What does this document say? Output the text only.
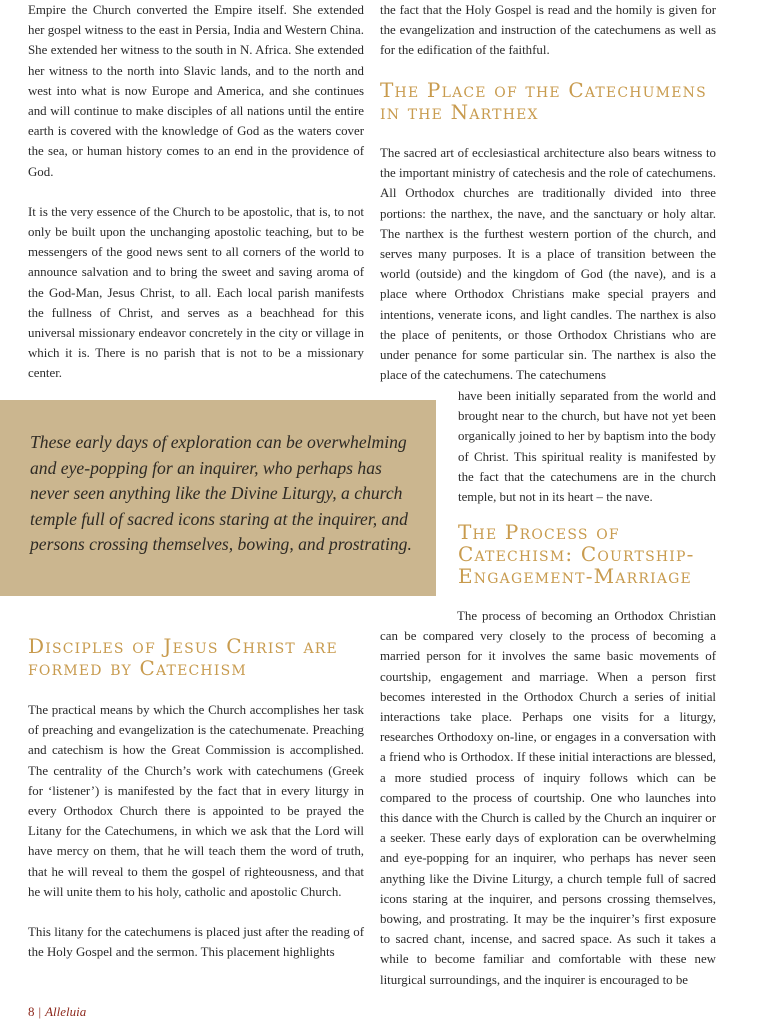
Empire the Church converted the Empire itself. She extended her gospel witness to the east in Persia, India and Western China. She extended her witness to the south in N. Africa. She extended her witness to the north into Slavic lands, and to the north and west into what is now Europe and America, and she continues and will continue to make disciples of all nations until the entire earth is covered with the knowledge of God as the waters cover the sea, or human history comes to an end in the providence of God.

It is the very essence of the Church to be apostolic, that is, to not only be built upon the unchanging apostolic teaching, but to be messengers of the good news sent to all corners of the world to announce salvation and to bring the sweet and saving aroma of the God-Man, Jesus Christ, to all. Each local parish manifests the fullness of Christ, and serves as a beachhead for this universal missionary endeavor concretely in the city or village in which it is. There is no parish that is not to be a missionary center.

These early days of exploration can be overwhelming and eye-popping for an inquirer, who perhaps has never seen anything like the Divine Liturgy, a church temple full of sacred icons staring at the inquirer, and persons crossing themselves, bowing, and prostrating.

Disciples of Jesus Christ are formed by Catechism

The practical means by which the Church accomplishes her task of preaching and evangelization is the catechumenate. Preaching and catechism is how the Great Commission is accomplished. The centrality of the Church’s work with catechumens (Greek for ‘listener’) is manifested by the fact that in every liturgy in every Orthodox Church there is appointed to be prayed the Litany for the Catechumens, in which we ask that the Lord will have mercy on them, that he will teach them the word of truth, that he will reveal to them the gospel of righteousness, and that he will unite them to his holy, catholic and apostolic Church.

This litany for the catechumens is placed just after the reading of the Holy Gospel and the sermon. This placement highlights

the fact that the Holy Gospel is read and the homily is given for the evangelization and instruction of the catechumens as well as for the edification of the faithful.

The Place of the Catechumens in the Narthex

The sacred art of ecclesiastical architecture also bears witness to the important ministry of catechesis and the role of catechumens. All Orthodox churches are traditionally divided into three portions: the narthex, the nave, and the sanctuary or holy altar. The narthex is the furthest western portion of the church, and serves many purposes. It is a place of transition between the world (outside) and the kingdom of God (the nave), and is a place where Orthodox Christians make special prayers and intentions, venerate icons, and light candles. The narthex is also the place of penitents, or those Orthodox Christians who are under penance for some particular sin. The narthex is also the place of the catechumens. The catechumens

have been initially separated from the world and brought near to the church, but have not yet been organically joined to her by baptism into the body of Christ. This spiritual reality is manifested by the fact that the catechumens are in the church temple, but not in its heart – the nave.

The Process of Catechism: Courtship-Engagement-Marriage

The process of becoming an Orthodox Christian can be compared very closely to the process of becoming a married person for it involves the same basic movements of courtship, engagement and marriage. When a person first becomes interested in the Orthodox Church a series of initial interactions take place. Perhaps one visits for a liturgy, researches Orthodoxy on-line, or engages in a conversation with a friend who is Orthodox. If these initial interactions are blessed, a more studied process of inquiry follows which can be compared to the process of courtship. One who launches into this dance with the Church is called by the Church an inquirer or a seeker. These early days of exploration can be overwhelming and eye-popping for an inquirer, who perhaps has never seen anything like the Divine Liturgy, a church temple full of sacred icons staring at the inquirer, and persons crossing themselves, bowing, and prostrating. It may be the inquirer’s first exposure to sacred chant, incense, and sacred space. As such it takes a while to become familiar and comfortable with these new liturgical surroundings, and the inquirer is encouraged to be

8 | Alleluia
